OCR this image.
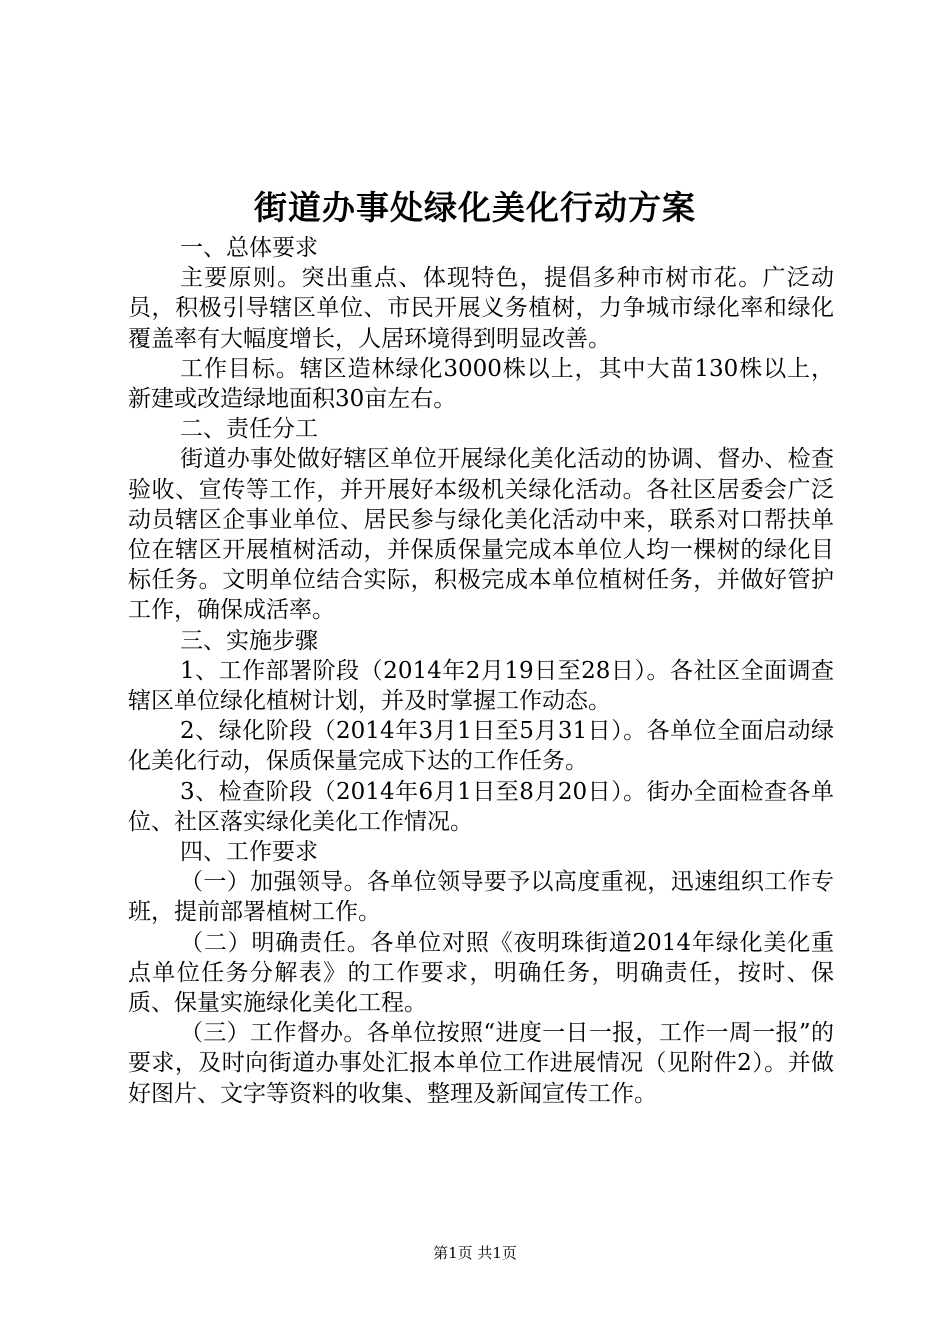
街道办事处绿化美化行动方案

一、总体要求

主要原则。突出重点、体现特色，提倡多种市树市花。广泛动员，积极引导辖区单位、市民开展义务植树，力争城市绿化率和绿化覆盖率有大幅度增长，人居环境得到明显改善。

工作目标。辖区造林绿化3000株以上，其中大苗130株以上，新建或改造绿地面积30亩左右。

二、责任分工

街道办事处做好辖区单位开展绿化美化活动的协调、督办、检查验收、宣传等工作，并开展好本级机关绿化活动。各社区居委会广泛动员辖区企事业单位、居民参与绿化美化活动中来，联系对口帮扶单位在辖区开展植树活动，并保质保量完成本单位人均一棵树的绿化目标任务。文明单位结合实际，积极完成本单位植树任务，并做好管护工作，确保成活率。

三、实施步骤

1、工作部署阶段（2014年2月19日至28日）。各社区全面调查辖区单位绿化植树计划，并及时掌握工作动态。

2、绿化阶段（2014年3月1日至5月31日）。各单位全面启动绿化美化行动，保质保量完成下达的工作任务。

3、检查阶段（2014年6月1日至8月20日）。街办全面检查各单位、社区落实绿化美化工作情况。

四、工作要求

（一）加强领导。各单位领导要予以高度重视，迅速组织工作专班，提前部署植树工作。

（二）明确责任。各单位对照《夜明珠街道2014年绿化美化重点单位任务分解表》的工作要求，明确任务，明确责任，按时、保质、保量实施绿化美化工程。

（三）工作督办。各单位按照“进度一日一报，工作一周一报”的要求，及时向街道办事处汇报本单位工作进展情况（见附件2）。并做好图片、文字等资料的收集、整理及新闻宣传工作。

第1页 共1页
